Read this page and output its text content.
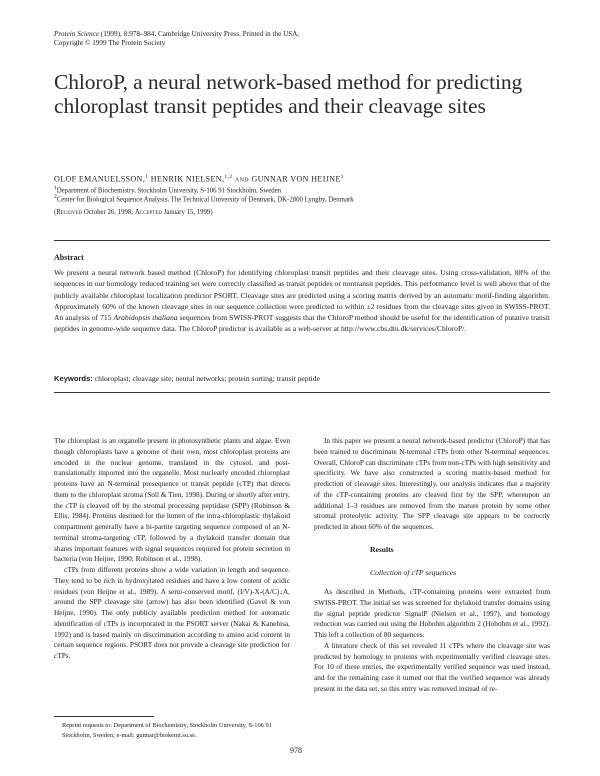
Protein Science (1999), 8:978–984. Cambridge University Press. Printed in the USA.
Copyright © 1999 The Protein Society
ChloroP, a neural network-based method for predicting chloroplast transit peptides and their cleavage sites
OLOF EMANUELSSON,$^1$ HENRIK NIELSEN,$^{1,2}$ and GUNNAR VON HEIJNE$^1$
$^1$Department of Biochemistry, Stockholm University, S-106 91 Stockholm, Sweden
$^2$Center for Biological Sequence Analysis, The Technical University of Denmark, DK-2800 Lyngby, Denmark
(Received October 26, 1998; Accepted January 15, 1999)
Abstract
We present a neural network based method (ChloroP) for identifying chloroplast transit peptides and their cleavage sites. Using cross-validation, 88% of the sequences in our homology reduced training set were correctly classified as transit peptides or nontransit peptides. This performance level is well above that of the publicly available chloroplast localization predictor PSORT. Cleavage sites are predicted using a scoring matrix derived by an automatic motif-finding algorithm. Approximately 60% of the known cleavage sites in our sequence collection were predicted to within ±2 residues from the cleavage sites given in SWISS-PROT. An analysis of 715 Arabidopsis thaliana sequences from SWISS-PROT suggests that the ChloroP method should be useful for the identification of putative transit peptides in genome-wide sequence data. The ChloroP predictor is available as a web-server at http://www.cbs.dtu.dk/services/ChloroP/.
Keywords: chloroplast; cleavage site; neural networks; protein sorting; transit peptide

The chloroplast is an organelle present in photosynthetic plants and algae. Even though chloroplasts have a genome of their own, most chloroplast proteins are encoded in the nuclear genome, translated in the cytosol, and post-translationally imported into the organelle. Most nuclearly encoded chloroplast proteins have an N-terminal presequence or transit peptide (cTP) that directs them to the chloroplast stroma (Soll & Tien, 1998). During or shortly after entry, the cTP is cleaved off by the stromal processing peptidase (SPP) (Robinson & Ellis, 1984). Proteins destined for the lumen of the intra-chloroplastic thylakoid compartment generally have a bi-partite targeting sequence composed of an N-terminal stroma-targeting cTP, followed by a thylakoid transfer domain that shares important features with signal sequences required for protein secretion in bacteria (von Heijne, 1990; Robinson et al., 1998).

cTPs from different proteins show a wide variation in length and sequence. They tend to be rich in hydroxylated residues and have a low content of acidic residues (von Heijne et al., 1989). A semi-conserved motif, (I/V)-X-(A/C)↓A, around the SPP cleavage site (arrow) has also been identified (Gavel & von Heijne, 1990). The only publicly available prediction method for automatic identification of cTPs is incorporated in the PSORT server (Nakai & Kanehisa, 1992) and is based mainly on discrimination according to amino acid content in certain sequence regions. PSORT does not provide a cleavage site prediction for cTPs.

In this paper we present a neural network-based predictor (ChloroP) that has been trained to discriminate N-terminal cTPs from other N-terminal sequences. Overall, ChloroP can discriminate cTPs from non-cTPs with high sensitivity and specificity. We have also constructed a scoring matrix-based method for prediction of cleavage sites. Interestingly, our analysis indicates that a majority of the cTP-containing proteins are cleaved first by the SPP, whereupon an additional 1–3 residues are removed from the mature protein by some other stromal proteolytic activity. The SPP cleavage site appears to be correctly predicted in about 60% of the sequences.

Results
Collection of cTP sequences

As described in Methods, cTP-containing proteins were extracted from SWISS-PROT. The initial set was screened for thylakoid transfer domains using the signal peptide predictor SignalP (Nielsen et al., 1997), and homology reduction was carried out using the Hobohm algorithm 2 (Hobohm et al., 1992). This left a collection of 80 sequences.

A literature check of this set revealed 11 cTPs where the cleavage site was predicted by homology to proteins with experimentally verified cleavage sites. For 10 of these entries, the experimentally verified sequence was used instead, and for the remaining case it turned out that the verified sequence was already present in the data set, so this entry was removed instead of re-

Reprint requests to: Department of Biochemistry, Stockholm University, S-106 91 Stockholm, Sweden; e-mail: gunnar@biokemi.su.se.
978
